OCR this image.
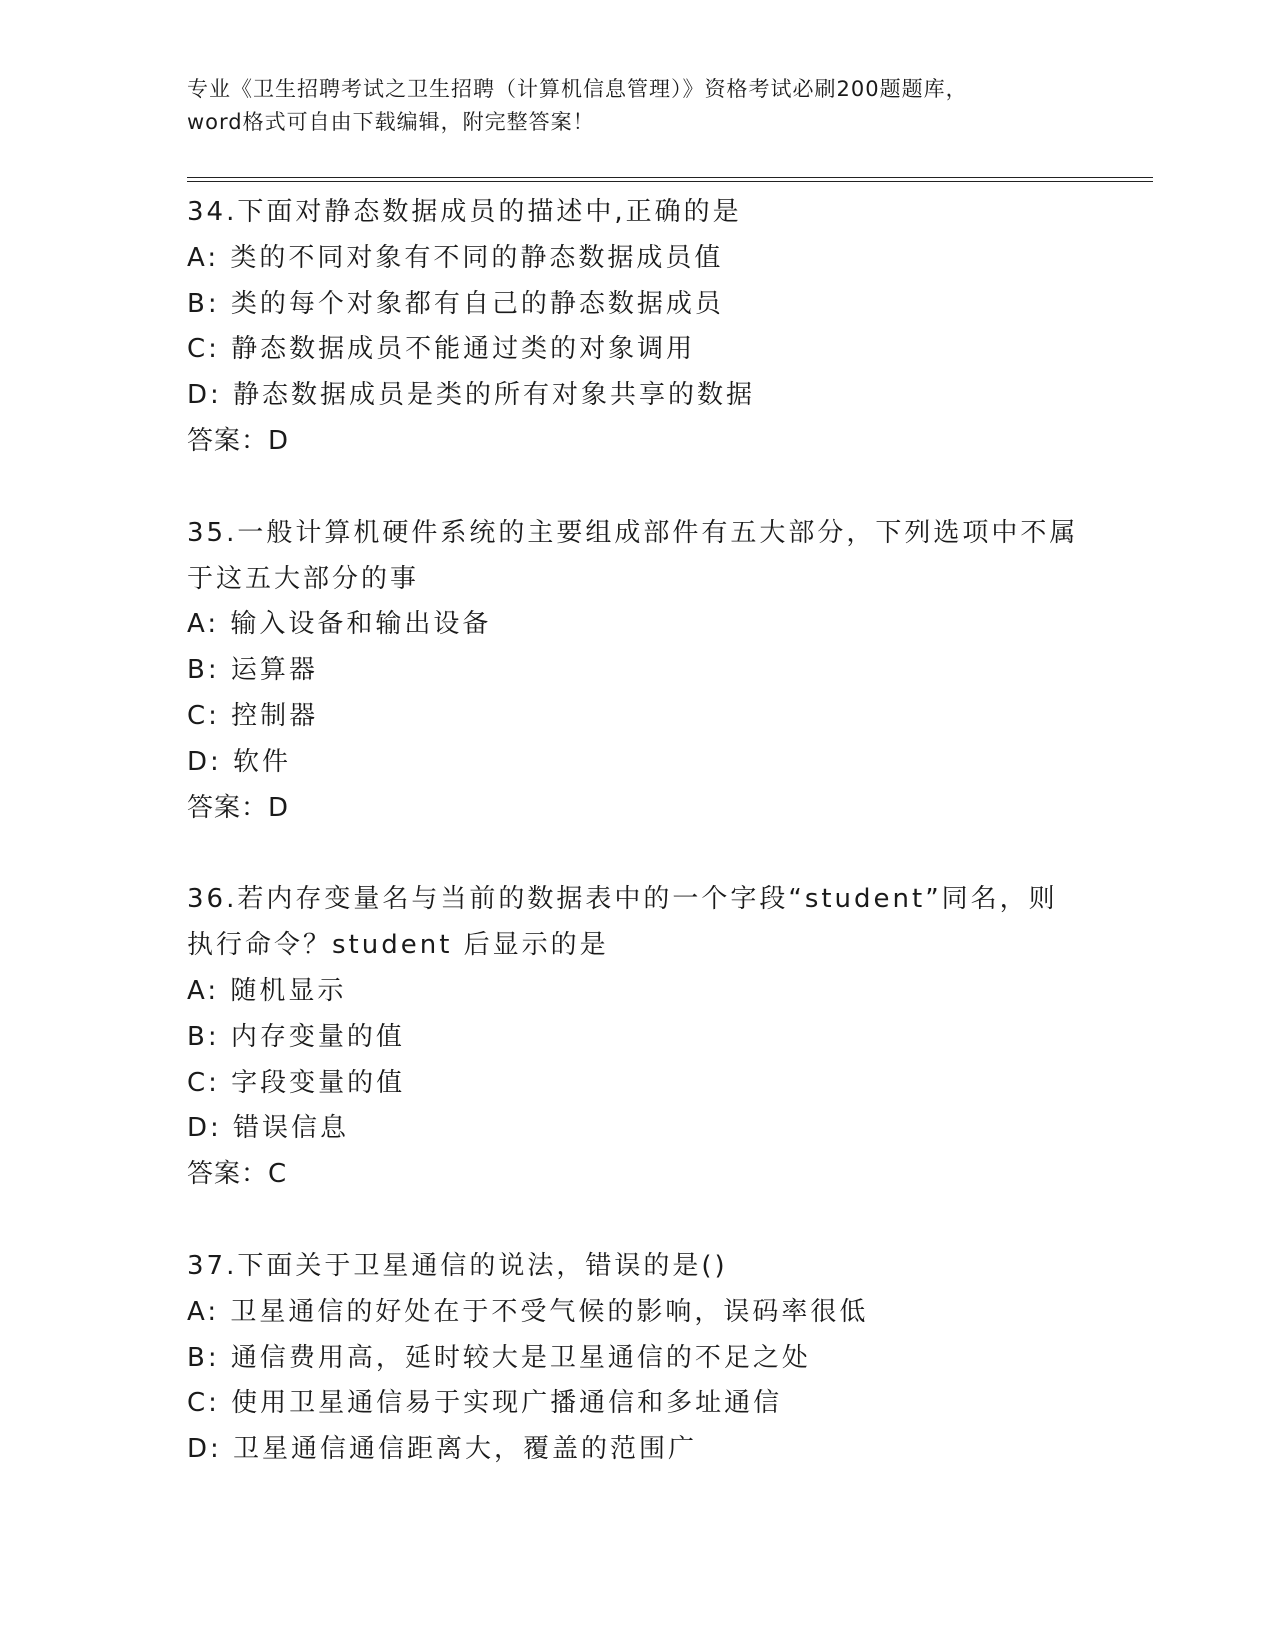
专业《卫生招聘考试之卫生招聘（计算机信息管理）》资格考试必刷200题题库，
word格式可自由下载编辑，附完整答案！
34.下面对静态数据成员的描述中,正确的是
A: 类的不同对象有不同的静态数据成员值
B: 类的每个对象都有自己的静态数据成员
C: 静态数据成员不能通过类的对象调用
D: 静态数据成员是类的所有对象共享的数据
答案：D
35.一般计算机硬件系统的主要组成部件有五大部分，下列选项中不属
于这五大部分的事
A: 输入设备和输出设备
B: 运算器
C: 控制器
D: 软件
答案：D
36.若内存变量名与当前的数据表中的一个字段“student”同名，则
执行命令？student 后显示的是
A: 随机显示
B: 内存变量的值
C: 字段变量的值
D: 错误信息
答案：C
37.下面关于卫星通信的说法，错误的是()
A: 卫星通信的好处在于不受气候的影响，误码率很低
B: 通信费用高，延时较大是卫星通信的不足之处
C: 使用卫星通信易于实现广播通信和多址通信
D: 卫星通信通信距离大，覆盖的范围广
